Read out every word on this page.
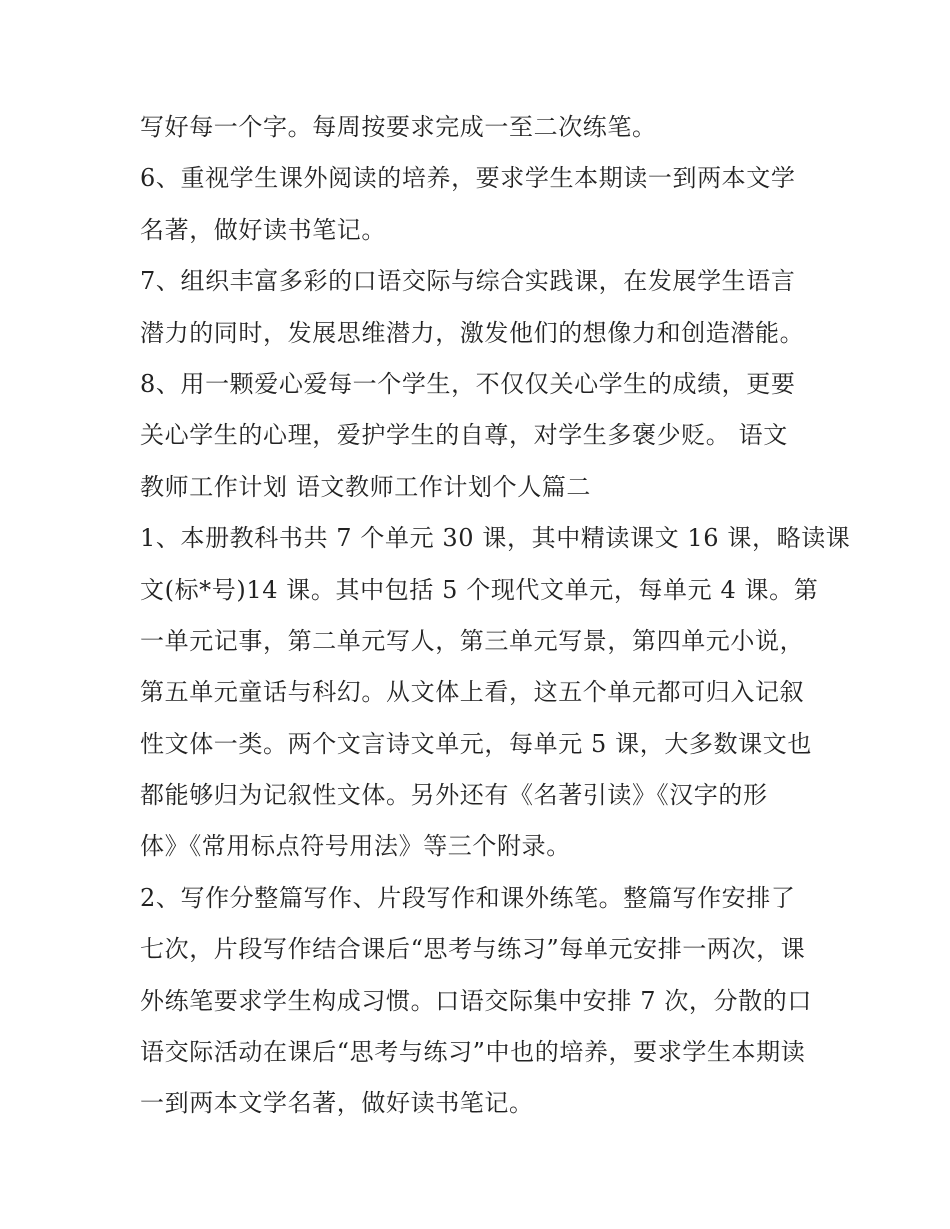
写好每一个字。每周按要求完成一至二次练笔。

6、重视学生课外阅读的培养，要求学生本期读一到两本文学

名著，做好读书笔记。

7、组织丰富多彩的口语交际与综合实践课，在发展学生语言

潜力的同时，发展思维潜力，激发他们的想像力和创造潜能。

8、用一颗爱心爱每一个学生，不仅仅关心学生的成绩，更要

关心学生的心理，爱护学生的自尊，对学生多褒少贬。 语文

教师工作计划 语文教师工作计划个人篇二

1、本册教科书共 7 个单元 30 课，其中精读课文 16 课，略读课

文(标*号)14 课。其中包括 5 个现代文单元，每单元 4 课。第

一单元记事，第二单元写人，第三单元写景，第四单元小说，

第五单元童话与科幻。从文体上看，这五个单元都可归入记叙

性文体一类。两个文言诗文单元，每单元 5 课，大多数课文也

都能够归为记叙性文体。另外还有《名著引读》《汉字的形

体》《常用标点符号用法》等三个附录。

2、写作分整篇写作、片段写作和课外练笔。整篇写作安排了

七次，片段写作结合课后“思考与练习”每单元安排一两次，课

外练笔要求学生构成习惯。口语交际集中安排 7 次，分散的口

语交际活动在课后“思考与练习”中也的培养，要求学生本期读

一到两本文学名著，做好读书笔记。
